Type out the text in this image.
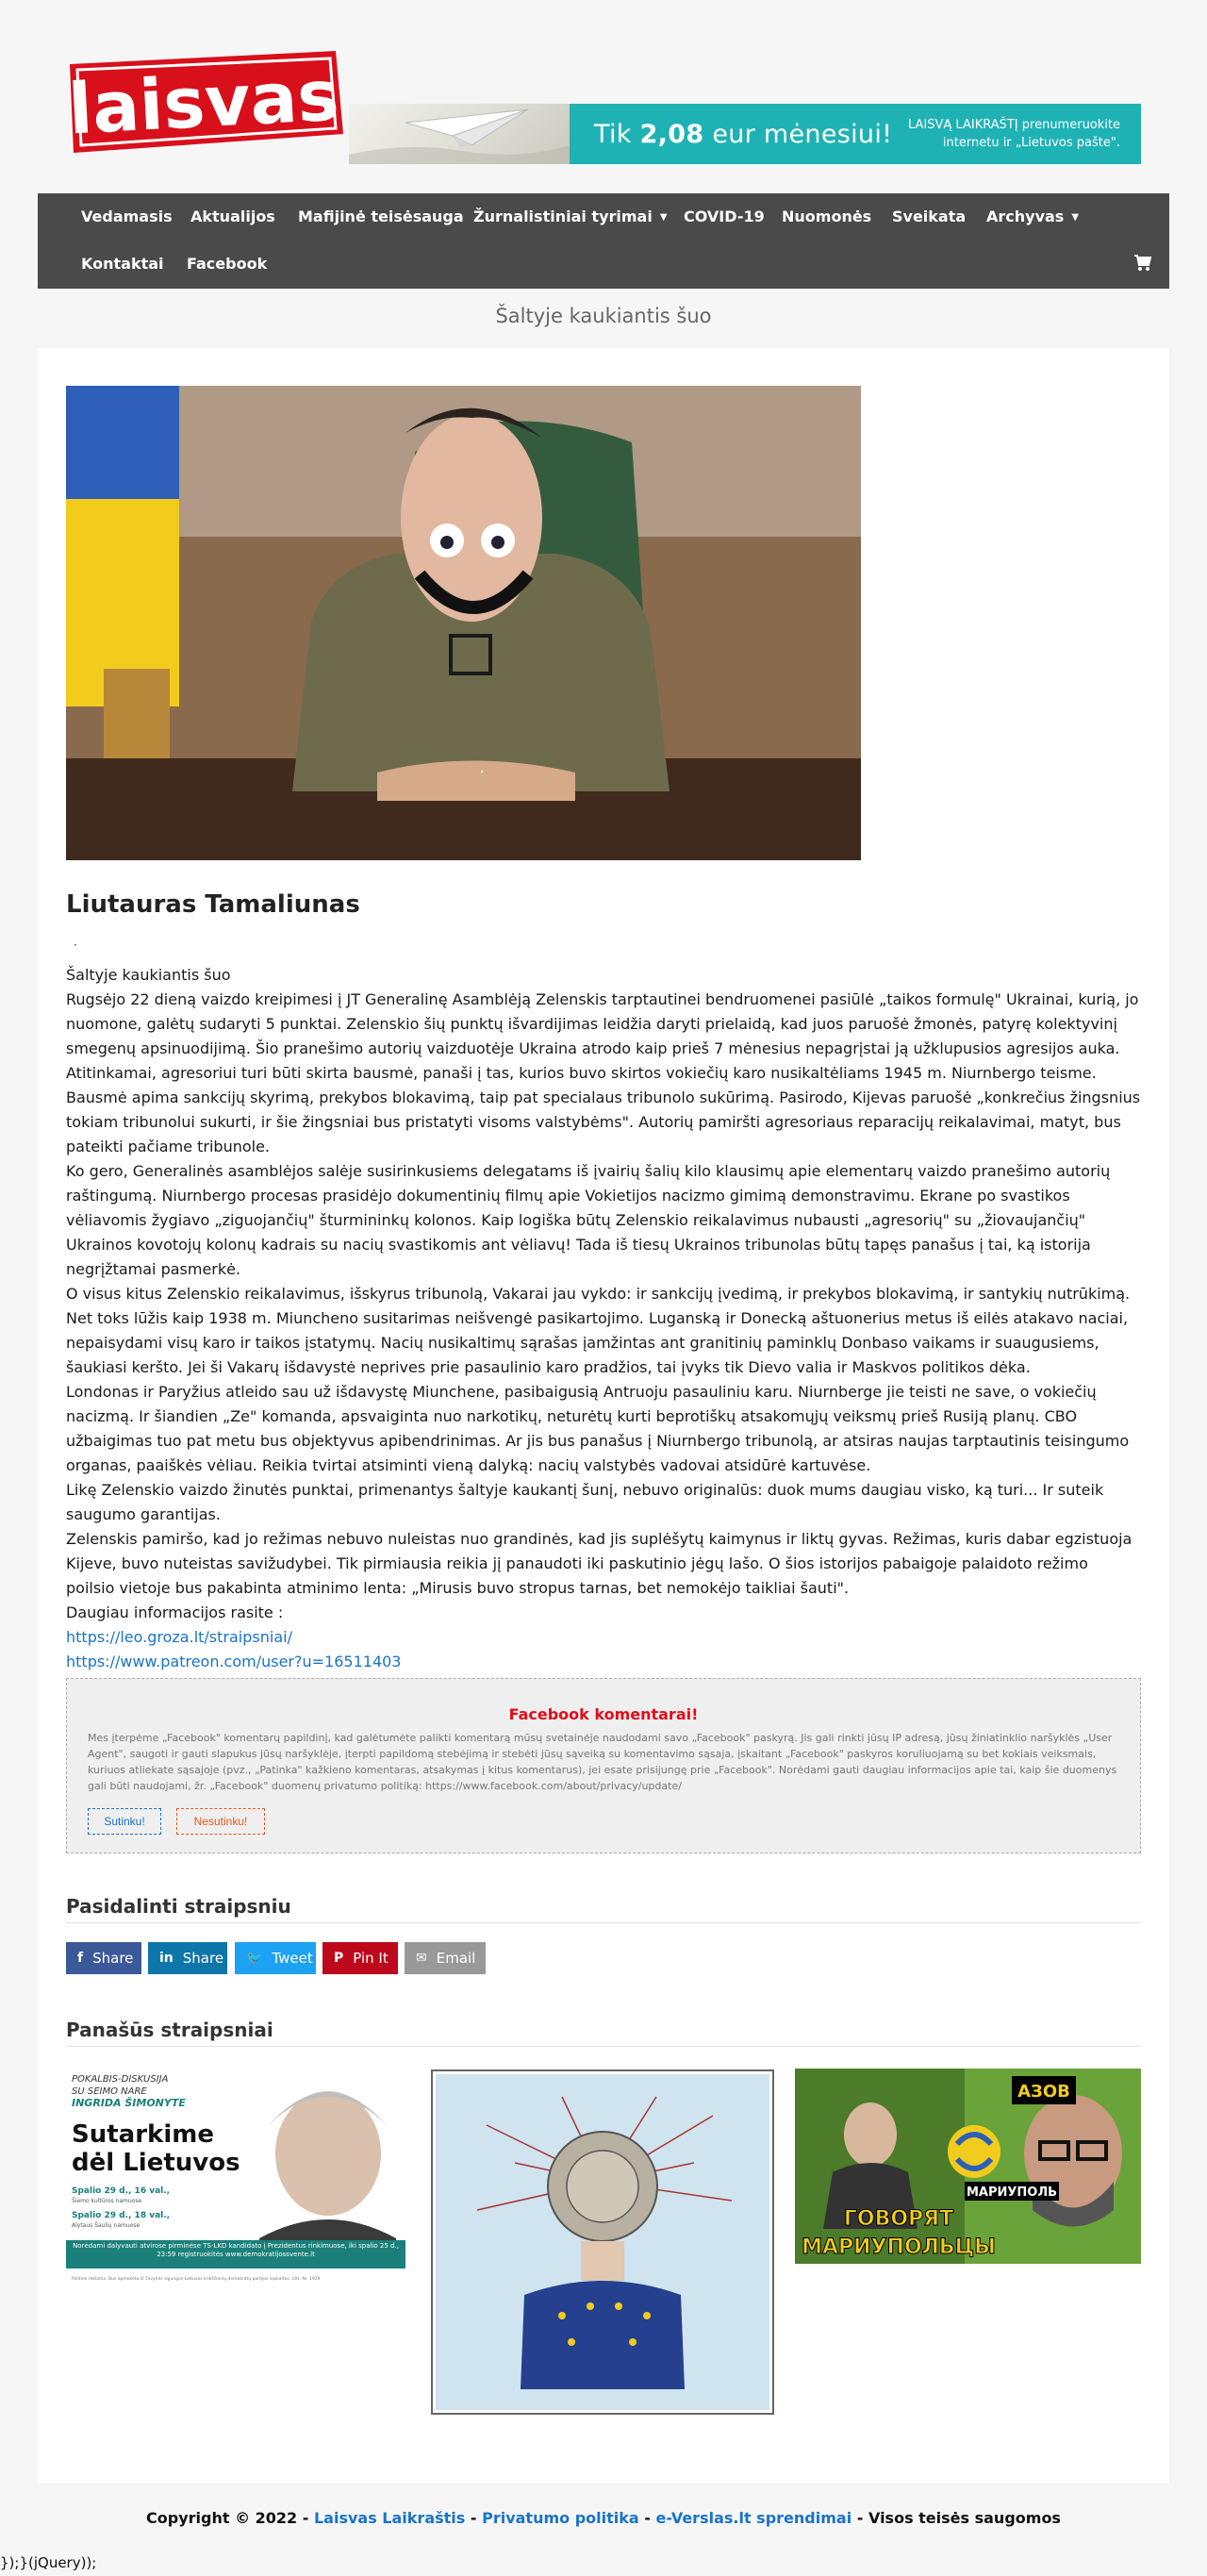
laisvas	Tik 2,08 eur mėnesiui! LAISVĄ LAIKRAŠTĮ prenumeruokite
internetu ir „Lietuvos pašte".
Vedamasis Aktualijos Mafijinė teisėsauga Žurnalistiniai tyrimai ▼ COVID-19 Nuomonės Sveikata Archyvas ▼
Kontaktai Facebook
Šaltyje kaukiantis šuo
Liutauras Tamaliunas
·

Šaltyje kaukiantis šuo

Rugsėjo 22 dieną vaizdo kreipimesi į JT Generalinę Asamblėją Zelenskis tarptautinei bendruomenei pasiūlė „taikos formulę" Ukrainai, kurią, jo nuomone, galėtų sudaryti 5 punktai. Zelenskio šių punktų išvardijimas leidžia daryti prielaidą, kad juos paruošė žmonės, patyrę kolektyvinį smegenų apsinuodijimą. Šio pranešimo autorių vaizduotėje Ukraina atrodo kaip prieš 7 mėnesius nepagrįstai ją užklupusios agresijos auka. Atitinkamai, agresoriui turi būti skirta bausmė, panaši į tas, kurios buvo skirtos vokiečių karo nusikaltėliams 1945 m. Niurnbergo teisme.

Bausmė apima sankcijų skyrimą, prekybos blokavimą, taip pat specialaus tribunolo sukūrimą. Pasirodo, Kijevas paruošė „konkrečius žingsnius tokiam tribunolui sukurti, ir šie žingsniai bus pristatyti visoms valstybėms". Autorių pamiršti agresoriaus reparacijų reikalavimai, matyt, bus pateikti pačiame tribunole.

Ko gero, Generalinės asamblėjos salėje susirinkusiems delegatams iš įvairių šalių kilo klausimų apie elementarų vaizdo pranešimo autorių raštingumą. Niurnbergo procesas prasidėjo dokumentinių filmų apie Vokietijos nacizmo gimimą demonstravimu. Ekrane po svastikos vėliavomis žygiavo „ziguojančių" šturmininkų kolonos. Kaip logiška būtų Zelenskio reikalavimus nubausti „agresorių" su „žiovaujančių" Ukrainos kovotojų kolonų kadrais su nacių svastikomis ant vėliavų! Tada iš tiesų Ukrainos tribunolas būtų tapęs panašus į tai, ką istorija negrįžtamai pasmerkė.

O visus kitus Zelenskio reikalavimus, išskyrus tribunolą, Vakarai jau vykdo: ir sankcijų įvedimą, ir prekybos blokavimą, ir santykių nutrūkimą. Net toks lūžis kaip 1938 m. Miuncheno susitarimas neišvengė pasikartojimo. Luganską ir Donecką aštuonerius metus iš eilės atakavo naciai, nepaisydami visų karo ir taikos įstatymų. Nacių nusikaltimų sąrašas įamžintas ant granitinių paminklų Donbaso vaikams ir suaugusiems, šaukiasi keršto. Jei ši Vakarų išdavystė neprives prie pasaulinio karo pradžios, tai įvyks tik Dievo valia ir Maskvos politikos dėka.

Londonas ir Paryžius atleido sau už išdavystę Miunchene, pasibaigusią Antruoju pasauliniu karu. Niurnberge jie teisti ne save, o vokiečių nacizmą. Ir šiandien „Ze" komanda, apsvaiginta nuo narkotikų, neturėtų kurti beprotiškų atsakomųjų veiksmų prieš Rusiją planų. CBO užbaigimas tuo pat metu bus objektyvus apibendrinimas. Ar jis bus panašus į Niurnbergo tribunolą, ar atsiras naujas tarptautinis teisingumo organas, paaiškės vėliau. Reikia tvirtai atsiminti vieną dalyką: nacių valstybės vadovai atsidūrė kartuvėse.

Likę Zelenskio vaizdo žinutės punktai, primenantys šaltyje kaukantį šunį, nebuvo originalūs: duok mums daugiau visko, ką turi... Ir suteik saugumo garantijas.

Zelenskis pamiršo, kad jo režimas nebuvo nuleistas nuo grandinės, kad jis suplėšytų kaimynus ir liktų gyvas. Režimas, kuris dabar egzistuoja Kijeve, buvo nuteistas savižudybei. Tik pirmiausia reikia jį panaudoti iki paskutinio jėgų lašo. O šios istorijos pabaigoje palaidoto režimo poilsio vietoje bus pakabinta atminimo lenta: „Mirusis buvo stropus tarnas, bet nemokėjo taikliai šauti".

Daugiau informacijos rasite :

https://leo.groza.lt/straipsniai/
https://www.patreon.com/user?u=16511403
Facebook komentarai!
Mes įterpėme „Facebook" komentarų papildinį, kad galėtumėte palikti komentarą mūsų svetainėje naudodami savo „Facebook" paskyrą. Jis gali rinkti jūsų IP adresą, jūsų žiniatinklio naršyklės „User Agent", saugoti ir gauti slapukus jūsų naršyklėje, įterpti papildomą stebėjimą ir stebėti jūsų sąveiką su komentavimo sąsaja, įskaitant „Facebook" paskyros koruliuojamą su bet kokiais veiksmais, kuriuos atliekate sąsajoje (pvz., „Patinka" kažkieno komentaras, atsakymas į kitus komentarus), jei esate prisijungę prie „Facebook". Norėdami gauti daugiau informacijos apie tai, kaip šie duomenys gali būti naudojami, žr. „Facebook" duomenų privatumo politiką: https://www.facebook.com/about/privacy/update/
Sutinku!	Nesutinku!
Pasidalinti straipsniu
f Share in Share 🐦 Tweet P Pin It ✉ Email
Panašūs straipsniai
POKALBIS-DISKUSIJA
SU SEIMO NARE
INGRIDA ŠIMONYTE
Sutarkime
dėl Lietuvos
Spalio 29 d., 16 val.,
Šiemo kultūros namuose
Spalio 29 d., 18 val.,
Alytaus Šaulių namuose
Norėdami dalyvauti atvirose pirminėse TS-LKD kandidato į Prezidentus rinkimuose, iki spalio 25 d., 23:59 registruokitės www.demokratijossvente.lt
Politinė reklama. Bus apmokėta iš Tėvynės sąjungos-Lietuvos krikščionių demokratų partijos sąskaitos. Užs. Nr. 1929
АЗОВ
МАРИУПОЛЬ
ГОВОРЯТ
МАРИУПОЛЬЦЫ
Copyright © 2022 - Laisvas Laikraštis - Privatumo politika - e-Verslas.lt sprendimai - Visos teisės saugomos
});}(jQuery));
